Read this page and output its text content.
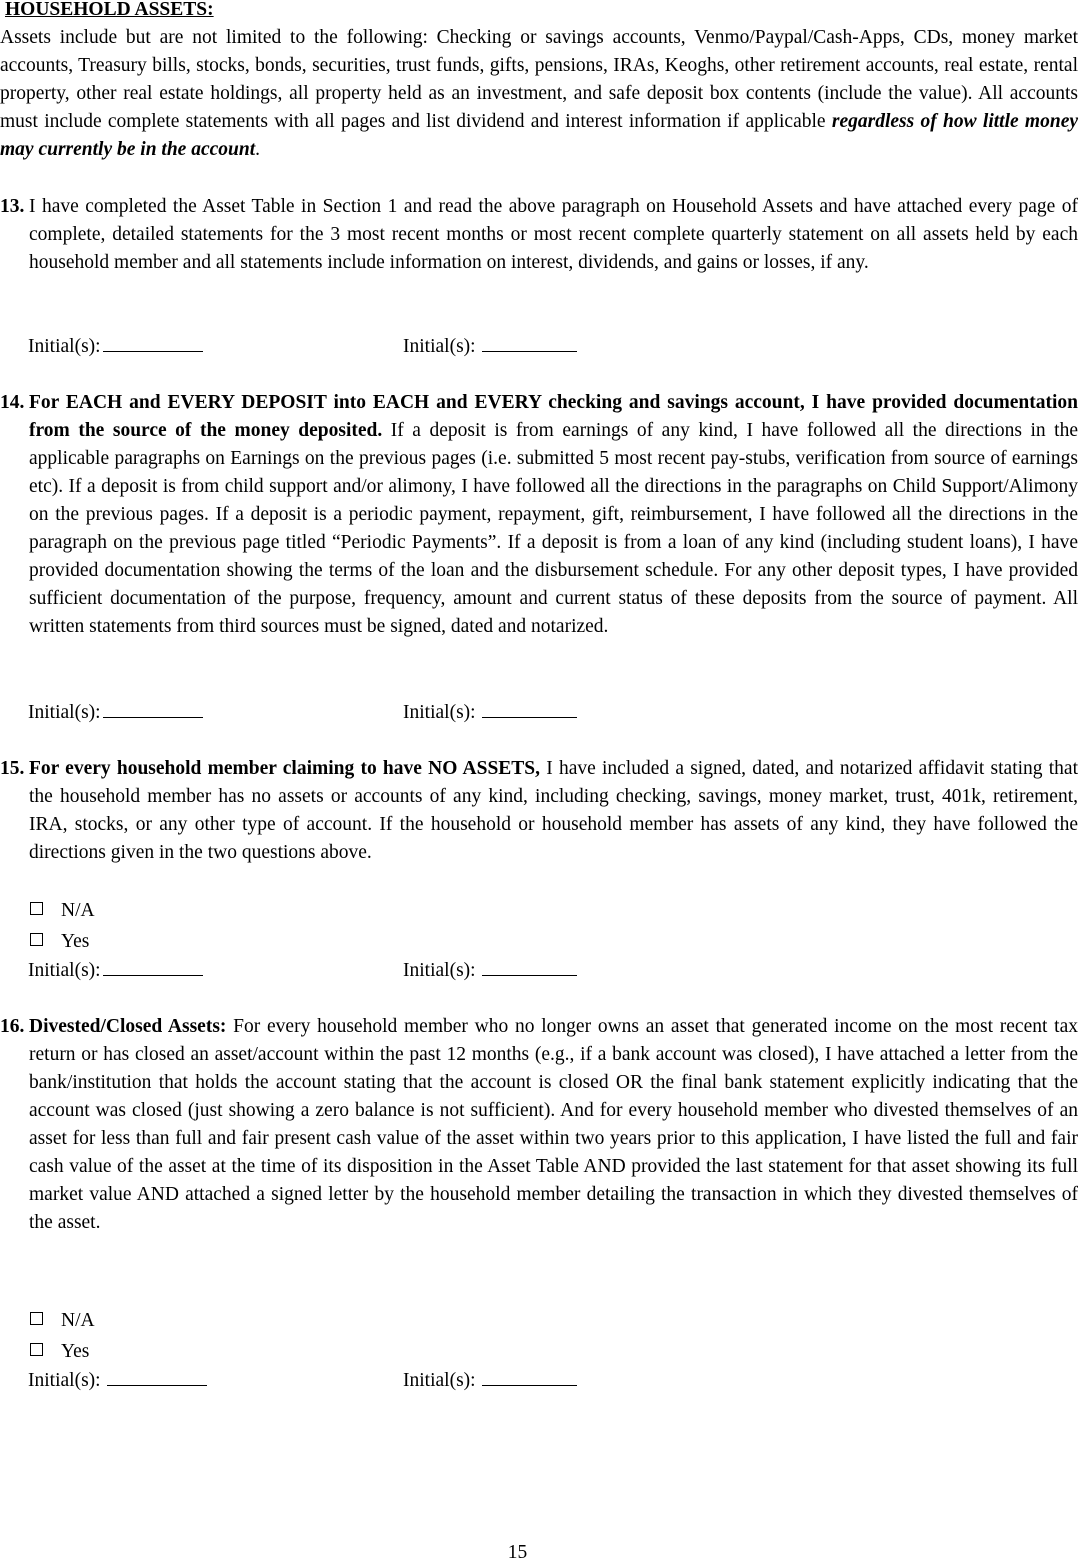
HOUSEHOLD ASSETS:

Assets include but are not limited to the following: Checking or savings accounts, Venmo/Paypal/Cash-Apps, CDs, money market accounts, Treasury bills, stocks, bonds, securities, trust funds, gifts, pensions, IRAs, Keoghs, other retirement accounts, real estate, rental property, other real estate holdings, all property held as an investment, and safe deposit box contents (include the value). All accounts must include complete statements with all pages and list dividend and interest information if applicable regardless of how little money may currently be in the account.

13. I have completed the Asset Table in Section 1 and read the above paragraph on Household Assets and have attached every page of complete, detailed statements for the 3 most recent months or most recent complete quarterly statement on all assets held by each household member and all statements include information on interest, dividends, and gains or losses, if any.
Initial(s):	Initial(s):
14. For EACH and EVERY DEPOSIT into EACH and EVERY checking and savings account, I have provided documentation from the source of the money deposited. If a deposit is from earnings of any kind, I have followed all the directions in the applicable paragraphs on Earnings on the previous pages (i.e. submitted 5 most recent pay-stubs, verification from source of earnings etc). If a deposit is from child support and/or alimony, I have followed all the directions in the paragraphs on Child Support/Alimony on the previous pages. If a deposit is a periodic payment, repayment, gift, reimbursement, I have followed all the directions in the paragraph on the previous page titled “Periodic Payments”. If a deposit is from a loan of any kind (including student loans), I have provided documentation showing the terms of the loan and the disbursement schedule. For any other deposit types, I have provided sufficient documentation of the purpose, frequency, amount and current status of these deposits from the source of payment. All written statements from third sources must be signed, dated and notarized.
Initial(s):	Initial(s):
15. For every household member claiming to have NO ASSETS, I have included a signed, dated, and notarized affidavit stating that the household member has no assets or accounts of any kind, including checking, savings, money market, trust, 401k, retirement, IRA, stocks, or any other type of account. If the household or household member has assets of any kind, they have followed the directions given in the two questions above.
N/A
Yes
Initial(s):	Initial(s):
16. Divested/Closed Assets: For every household member who no longer owns an asset that generated income on the most recent tax return or has closed an asset/account within the past 12 months (e.g., if a bank account was closed), I have attached a letter from the bank/institution that holds the account stating that the account is closed OR the final bank statement explicitly indicating that the account was closed (just showing a zero balance is not sufficient). And for every household member who divested themselves of an asset for less than full and fair present cash value of the asset within two years prior to this application, I have listed the full and fair cash value of the asset at the time of its disposition in the Asset Table AND provided the last statement for that asset showing its full market value AND attached a signed letter by the household member detailing the transaction in which they divested themselves of the asset.
N/A
Yes
Initial(s):	Initial(s):
15
